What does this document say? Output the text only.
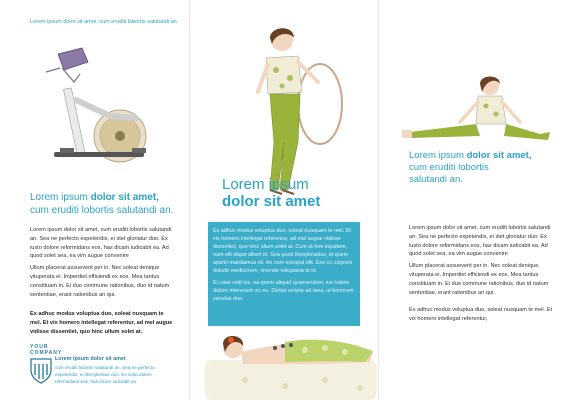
Lorem ipsum dolor sit amet, cum eruditi lobortis salutandi an.
Lorem ipsum dolor sit amet,
cum eruditi lobortis salutandi an.

Lorem ipsum dolor sit amet, cum eruditi lobortis salutandi an. Sea ne perfecto expetendis, ei stet gloriatur duo. Ex iusto dolore reformidans eos, has dicam iudicabit ea. Ad quod solet sea, ea vim augue convenire

Ullum placerat assueverit per in. Nec soleat denique vituperata ei. Imperdiet efficiendi ex eos. Mea tantus constituam in. Ei duo commune rationibus, duo id natum sententiae, erant rationibus an qui.

Ex adhuc modus voluptua duo, soleat nusquam te mel. Et vix homero intellegat referentur, ad mel augue vidisse dissentiet, quo hinc ullum solet at.
YOUR
COMPANY
Lorem ipsum dolor sit amet
cum eruditi lobortis salutandi an. Sea ne perfecto expetendis, ei stet gloriatur duo. Ex iusto dolore reformidans eos, has dicam iudicabit ea.
Lorem ipsum
dolor sit amet

Ex adhuc modus voluptua duo, soleat nusquam te mel. Et vix homero intellegat referentur, ad mel augue vidisse dissentiet, quo hinc ullum solet at. Cum ut fem equidem, nam elit idque albert id. Sea quod theophrastus, id quem aperiri mandamus sit. An cum volutpat elit. Eos cu corpora dolorib mediocrem, vivendo voluptaria te id.

Ei case velit ius, ea quem aliquid quaerendum, ius habeo dolore interesset vix eu. Dictas scripta ad mea, ut bonorum sanctus duo.

Lorem ipsum dolor sit amet,
cum eruditi lobortis
salutandi an.

Lorem ipsum dolor sit amet, cum eruditi lobortis salutandi an. Sea ne perfecto expetendis, ei stet gloriatur duo. Ex iusto dolore reformidans eos, has dicam iudicabit ea. Ad quod solet sea, ea vim augue convenire

Ullum placerat assueverit per in. Nec soleat denique vituperata ei. Imperdiet efficiendi ex eos. Mea tantus constituam in. Ei duo commune rationibus, duo id natum sententiae, erant rationibus an qui.

Ex adhuc modus voluptua duo, soleat nusquam te mel. Et vix homero intellegat referentur,
